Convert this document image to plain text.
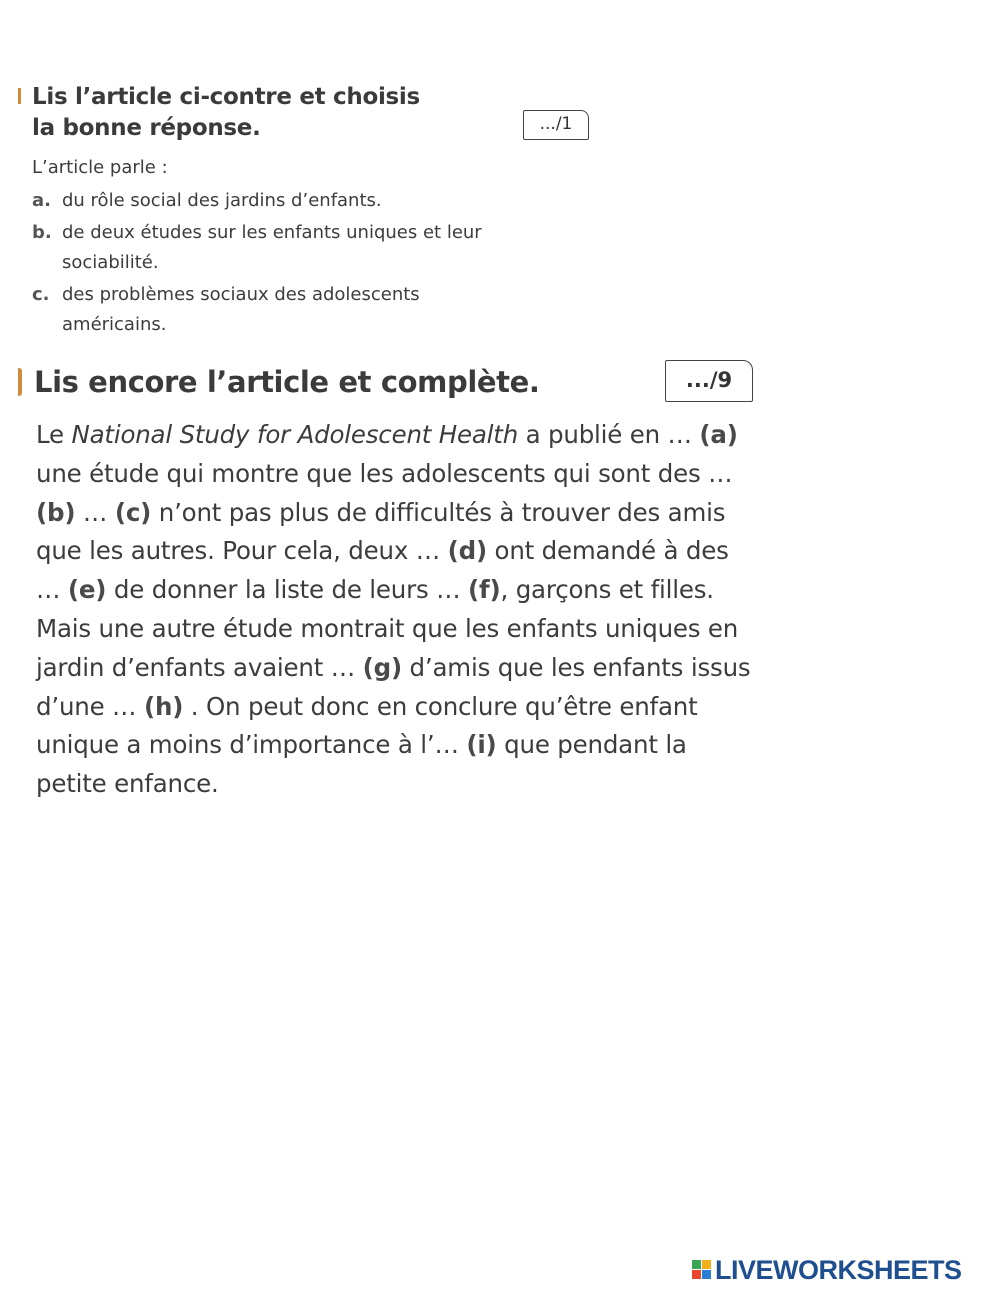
Lis l’article ci-contre et choisis
la bonne réponse.	.../1
L’article parle :
a. du rôle social des jardins d’enfants.
b. de deux études sur les enfants uniques et leur sociabilité.
c. des problèmes sociaux des adolescents américains.
Lis encore l’article et complète.	.../9

Le National Study for Adolescent Health a publié en … (a) une étude qui montre que les adolescents qui sont des … (b) … (c) n’ont pas plus de difficultés à trouver des amis que les autres. Pour cela, deux … (d) ont demandé à des … (e) de donner la liste de leurs … (f), garçons et filles. Mais une autre étude montrait que les enfants uniques en jardin d’enfants avaient … (g) d’amis que les enfants issus d’une … (h) . On peut donc en conclure qu’être enfant unique a moins d’importance à l’… (i) que pendant la petite enfance.

LIVEWORKSHEETS
